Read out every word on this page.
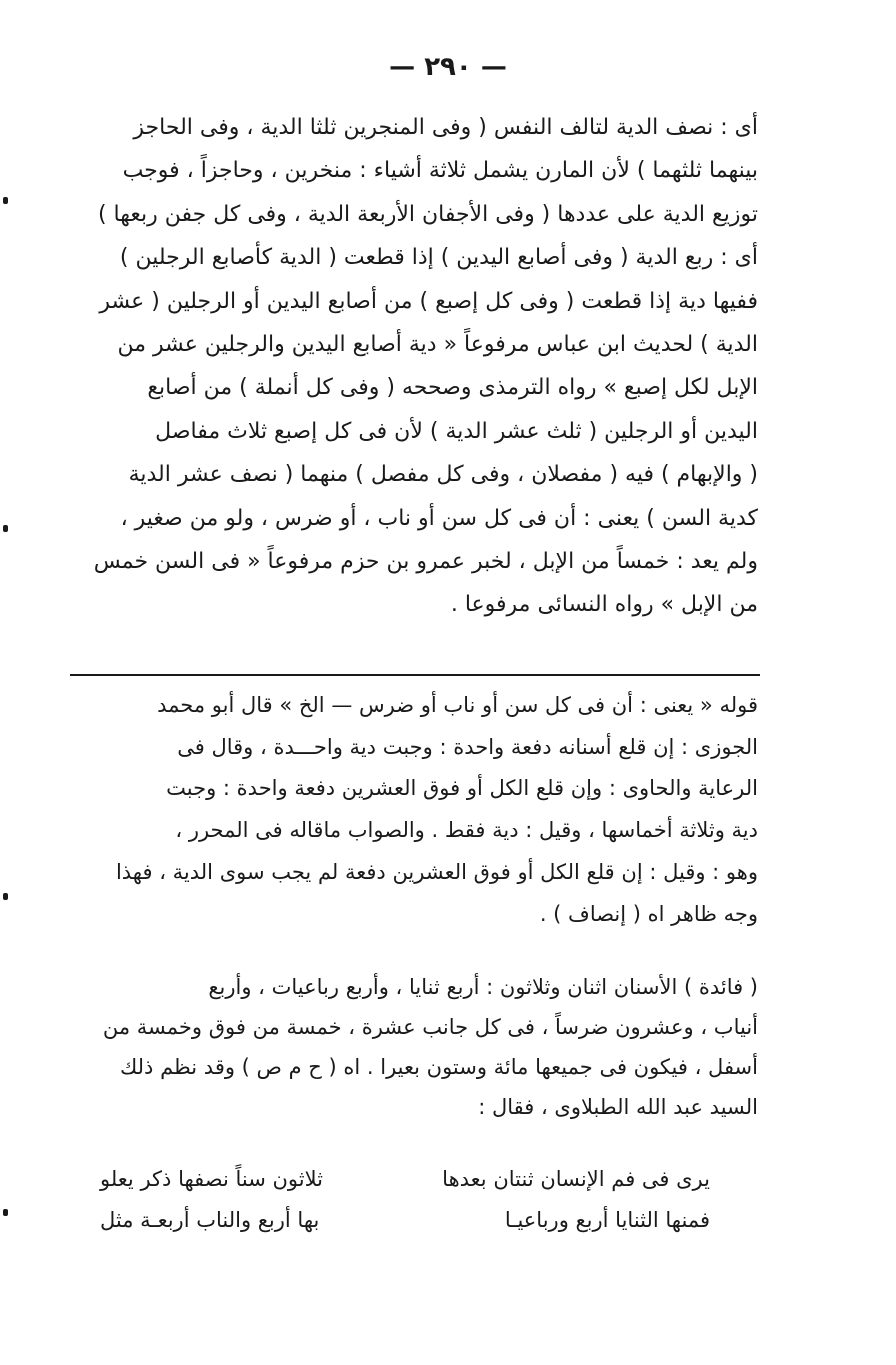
— ٢٩٠ —
أى : نصف الدية لتالف النفس ( وفى المنجرين ثلثا الدية ، وفى الحاجز
بينهما ثلثهما ) لأن المارن يشمل ثلاثة أشياء : منخرين ، وحاجزاً ، فوجب
توزيع الدية على عددها ( وفى الأجفان الأربعة الدية ، وفى كل جفن ربعها )
أى : ربع الدية ( وفى أصابع اليدين ) إذا قطعت ( الدية كأصابع الرجلين )
ففيها دية إذا قطعت ( وفى كل إصبع ) من أصابع اليدين أو الرجلين ( عشر
الدية ) لحديث ابن عباس مرفوعاً « دية أصابع اليدين والرجلين عشر من
الإبل لكل إصبع » رواه الترمذى وصححه ( وفى كل أنملة ) من أصابع
اليدين أو الرجلين ( ثلث عشر الدية ) لأن فى كل إصبع ثلاث مفاصل
( والإبهام ) فيه ( مفصلان ، وفى كل مفصل ) منهما ( نصف عشر الدية
كدية السن ) يعنى : أن فى كل سن أو ناب ، أو ضرس ، ولو من صغير ،
ولم يعد : خمساً من الإبل ، لخبر عمرو بن حزم مرفوعاً « فى السن خمس
من الإبل » رواه النسائى مرفوعا .
قوله « يعنى : أن فى كل سن أو ناب أو ضرس — الخ » قال أبو محمد
الجوزى : إن قلع أسنانه دفعة واحدة : وجبت دية واحـــدة ، وقال فى
الرعاية والحاوى : وإن قلع الكل أو فوق العشرين دفعة واحدة : وجبت
دية وثلاثة أخماسها ، وقيل : دية فقط . والصواب ماقاله فى المحرر ،
وهو : وقيل : إن قلع الكل أو فوق العشرين دفعة لم يجب سوى الدية ، فهذا
وجه ظاهر اه ( إنصاف ) .
( فائدة ) الأسنان اثنان وثلاثون : أربع ثنايا ، وأربع رباعيات ، وأربع
أنياب ، وعشرون ضرساً ، فى كل جانب عشرة ، خمسة من فوق وخمسة من
أسفل ، فيكون فى جميعها مائة وستون بعيرا . اه ( ح م ص ) وقد نظم ذلك
السيد عبد الله الطبلاوى ، فقال :
يرى فى فم الإنسان ثنتان بعدها
ثلاثون سناً نصفها ذكر يعلو
فمنها الثنايا أربع ورباعيـا
بها أربع والناب أربعـة مثل
